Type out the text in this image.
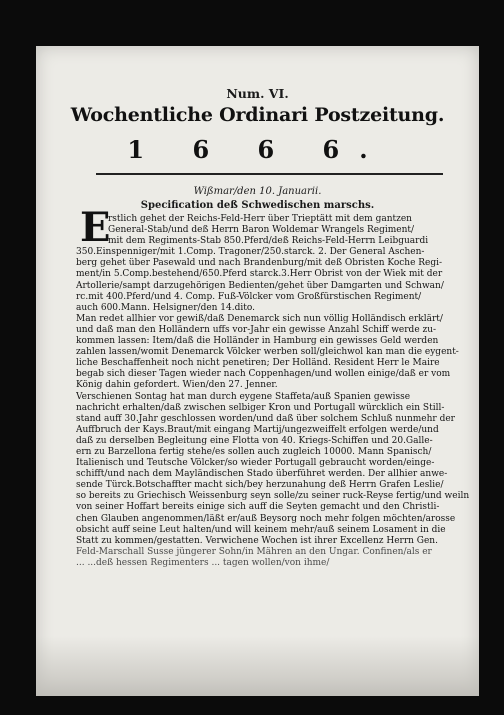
Num. VI.
Wochentliche Ordinari Postzeitung.
1 6 6 6.
Wißmar/den 10. Januarii.
Specification deß Schwedischen marschs.
E
rstlich gehet der Reichs-Feld-Herr über Trieptätt mit dem gantzen
General-Stab/und deß Herrn Baron Woldemar Wrangels Regiment/
mit dem Regiments-Stab 850.Pferd/deß Reichs-Feld-Herrn Leibguardi
350.Einspenniger/mit 1.Comp. Tragoner/250.starck. 2. Der General Aschen-
berg gehet über Pasewald und nach Brandenburg/mit deß Obristen Koche Regi-
ment/in 5.Comp.bestehend/650.Pferd starck.3.Herr Obrist von der Wiek mit der
Artollerie/sampt darzugehörigen Bedienten/gehet über Damgarten und Schwan/
rc.mit 400.Pferd/und 4. Comp. Fuß-Völcker vom Großfürstischen Regiment/
auch 600.Mann. Helsigner/den 14.dito.
Man redet allhier vor gewiß/daß Denemarck sich nun völlig Holländisch erklärt/
und daß man den Holländern uffs vor-Jahr ein gewisse Anzahl Schiff werde zu-
kommen lassen: Item/daß die Holländer in Hamburg ein gewisses Geld werden
zahlen lassen/womit Denemarck Völcker werben soll/gleichwol kan man die eygent-
liche Beschaffenheit noch nicht penetiren; Der Holländ. Resident Herr le Maire
begab sich dieser Tagen wieder nach Coppenhagen/und wollen einige/daß er vom
König dahin gefordert. Wien/den 27. Jenner.
Verschienen Sontag hat man durch eygene Staffeta/auß Spanien gewisse
nachricht erhalten/daß zwischen selbiger Kron und Portugall würcklich ein Still-
stand auff 30.Jahr geschlossen worden/und daß über solchem Schluß nunmehr der
Auffbruch der Kays.Braut/mit eingang Martij/ungezweiffelt erfolgen werde/und
daß zu derselben Begleitung eine Flotta von 40. Kriegs-Schiffen und 20.Galle-
ern zu Barzellona fertig stehe/es sollen auch zugleich 10000. Mann Spanisch/
Italienisch und Teutsche Völcker/so wieder Portugall gebraucht worden/einge-
schifft/und nach dem Mayländischen Stado überführet werden. Der allhier anwe-
sende Türck.Botschaffter macht sich/bey herzunahung deß Herrn Grafen Leslie/
so bereits zu Griechisch Weissenburg seyn solle/zu seiner ruck-Reyse fertig/und weiln
von seiner Hoffart bereits einige sich auff die Seyten gemacht und den Christli-
chen Glauben angenommen/läßt er/auß Beysorg noch mehr folgen möchten/arosse
obsicht auff seine Leut halten/und will keinem mehr/auß seinem Losament in die
Statt zu kommen/gestatten. Verwichene Wochen ist ihrer Excellenz Herrn Gen.
Feld-Marschall Susse jüngerer Sohn/in Mähren an den Ungar. Confinen/als er
... ...deß hessen Regimenters ... tagen wollen/von ihme/
